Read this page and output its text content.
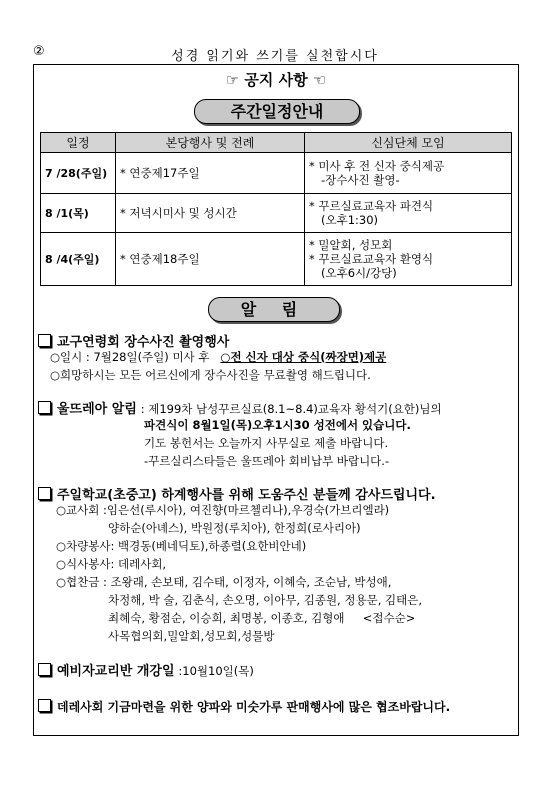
②	성경 읽기와 쓰기를 실천합시다
☞ 공지 사항 ☜
주간일정안내
일정	본당행사 및 전례	신심단체 모임
7 /28(주일)	* 연중제17주일	* 미사 후 전 신자 중식제공
-장수사진 촬영-

8 /1(목)	* 저녁시미사 및 성시간	* 꾸르실료교육자 파견식
(오후1:30)

8 /4(주일)	* 연중제18주일	* 밀알회, 성모회
* 꾸르실료교육자 환영식
(오후6시/강당)
알 림
교구연령회 장수사진 촬영행사
○일시 : 7월28일(주일) 미사 후 ○전 신자 대상 중식(짜장면)제공
○희망하시는 모든 어르신에게 장수사진을 무료촬영 해드립니다.
울뜨레아 알림 : 제199차 남성꾸르실료(8.1~8.4)교육자 황석기(요한)님의
파견식이 8월1일(목)오후1시30 성전에서 있습니다.
기도 봉헌서는 오늘까지 사무실로 제출 바랍니다.
-꾸르실리스타들은 울뜨레아 회비납부 바랍니다.-
주일학교(초중고) 하계행사를 위해 도움주신 분들께 감사드립니다.
○교사회 :임은선(루시아), 여진향(마르첼리나),우경숙(가브리엘라)
양하순(아녜스), 박원정(루치아), 한정희(로사리아)
○차량봉사: 백경동(베네딕토),하종렬(요한비안네)
○식사봉사: 데레사회,
○협찬금 : 조왕래, 손보태, 김수태, 이정자, 이혜숙, 조순남, 박성애,
차정해, 박 술, 김춘식, 손오명, 이아무, 김종원, 정용문, 김태은,
최혜숙, 황점순, 이승희, 최명봉, 이종호, 김형애 <접수순>
사목협의회,밀알회,성모회,성물방
예비자교리반 개강일 :10월10일(목)
데레사회 기금마련을 위한 양파와 미숫가루 판매행사에 많은 협조바랍니다.
